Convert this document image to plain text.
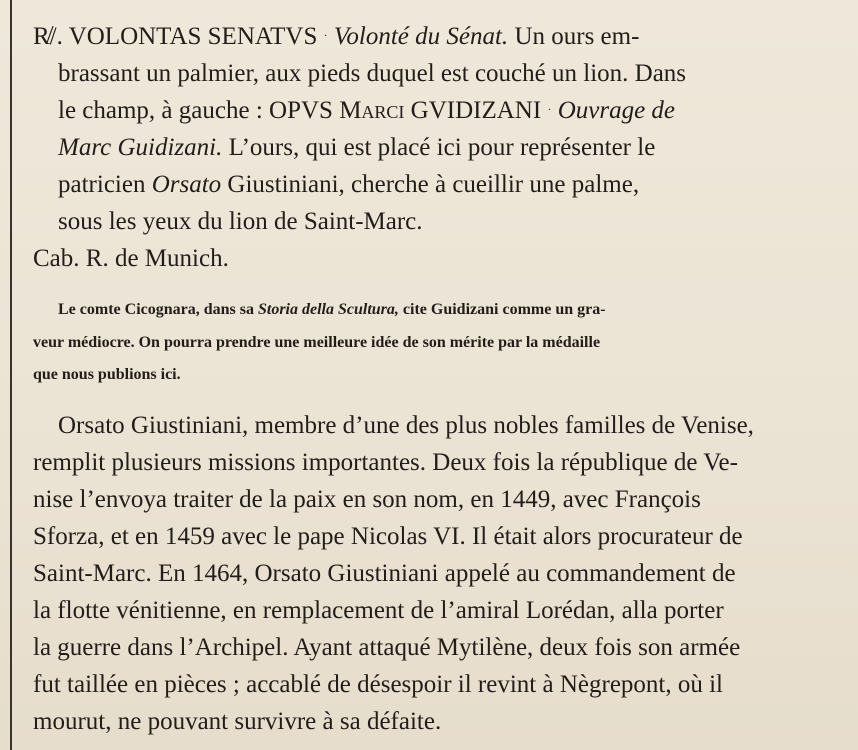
R̸/. VOLONTAS SENATVS · Volonté du Sénat. Un ours em-
brassant un palmier, aux pieds duquel est couché un lion. Dans
le champ, à gauche : OPVS Marci GVIDIZANI · Ouvrage de
Marc Guidizani. L’ours, qui est placé ici pour représenter le
patricien Orsato Giustiniani, cherche à cueillir une palme,
sous les yeux du lion de Saint-Marc.
Cab. R. de Munich.
Le comte Cicognara, dans sa Storia della Scultura, cite Guidizani comme un gra-
veur médiocre. On pourra prendre une meilleure idée de son mérite par la médaille
que nous publions ici.
Orsato Giustiniani, membre d’une des plus nobles familles de Venise,
remplit plusieurs missions importantes. Deux fois la république de Ve-
nise l’envoya traiter de la paix en son nom, en 1449, avec François
Sforza, et en 1459 avec le pape Nicolas VI. Il était alors procurateur de
Saint-Marc. En 1464, Orsato Giustiniani appelé au commandement de
la flotte vénitienne, en remplacement de l’amiral Lorédan, alla porter
la guerre dans l’Archipel. Ayant attaqué Mytilène, deux fois son armée
fut taillée en pièces ; accablé de désespoir il revint à Nègrepont, où il
mourut, ne pouvant survivre à sa défaite.
